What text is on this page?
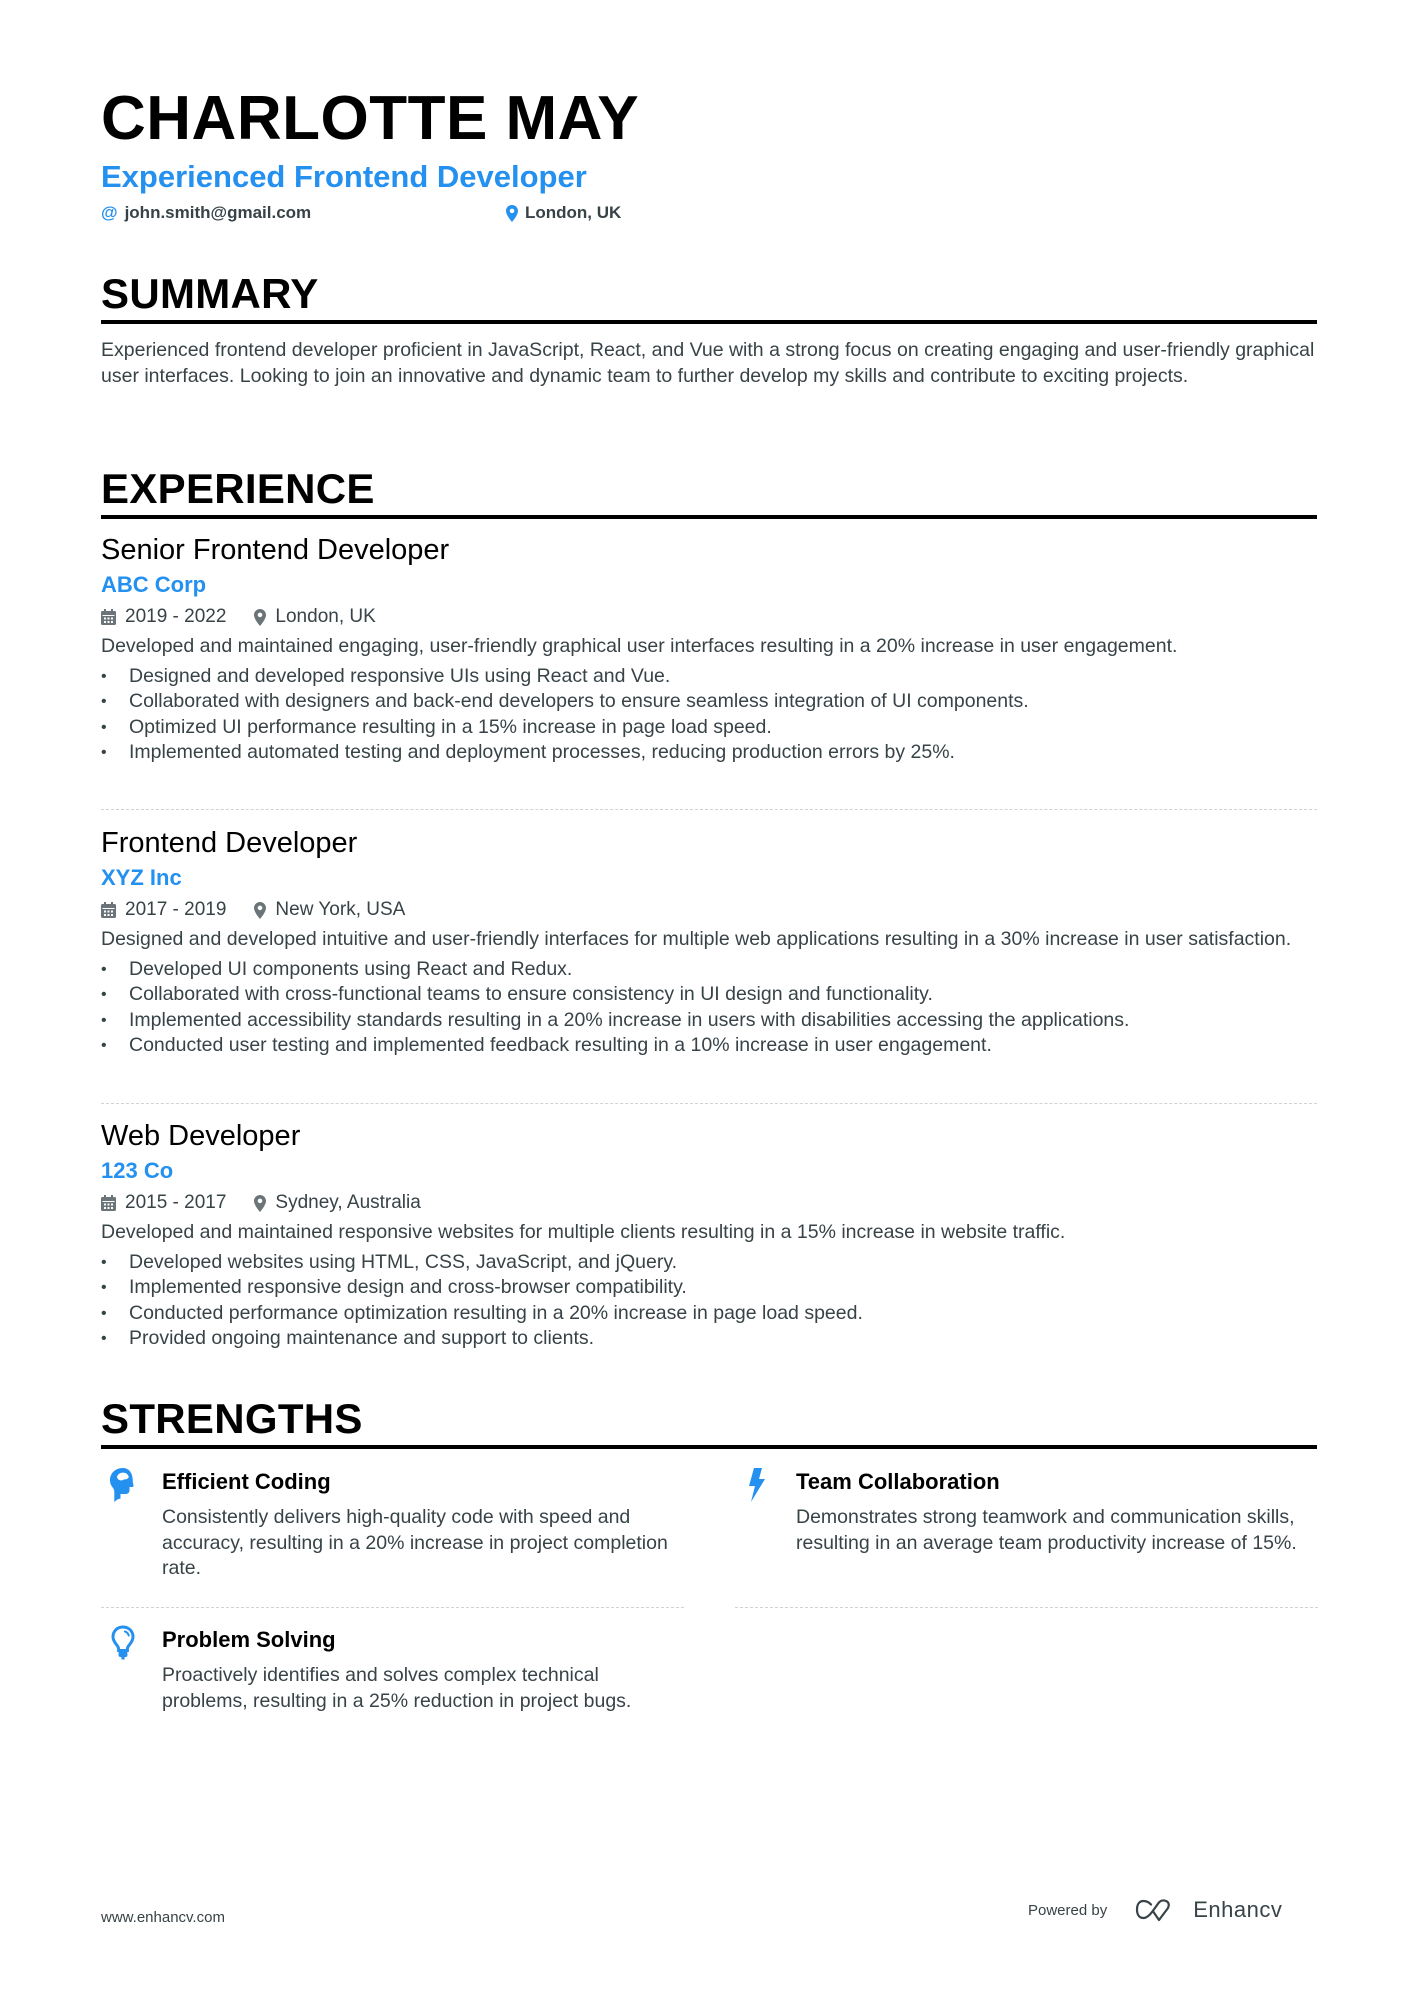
CHARLOTTE MAY
Experienced Frontend Developer
@ john.smith@gmail.com	London, UK
SUMMARY
Experienced frontend developer proficient in JavaScript, React, and Vue with a strong focus on creating engaging and user-friendly graphical user interfaces. Looking to join an innovative and dynamic team to further develop my skills and contribute to exciting projects.
EXPERIENCE
Senior Frontend Developer
ABC Corp
2019 - 2022	London, UK
Developed and maintained engaging, user-friendly graphical user interfaces resulting in a 20% increase in user engagement.
• Designed and developed responsive UIs using React and Vue.
• Collaborated with designers and back-end developers to ensure seamless integration of UI components.
• Optimized UI performance resulting in a 15% increase in page load speed.
• Implemented automated testing and deployment processes, reducing production errors by 25%.
Frontend Developer
XYZ Inc
2017 - 2019	New York, USA
Designed and developed intuitive and user-friendly interfaces for multiple web applications resulting in a 30% increase in user satisfaction.
• Developed UI components using React and Redux.
• Collaborated with cross-functional teams to ensure consistency in UI design and functionality.
• Implemented accessibility standards resulting in a 20% increase in users with disabilities accessing the applications.
• Conducted user testing and implemented feedback resulting in a 10% increase in user engagement.
Web Developer
123 Co
2015 - 2017	Sydney, Australia
Developed and maintained responsive websites for multiple clients resulting in a 15% increase in website traffic.
• Developed websites using HTML, CSS, JavaScript, and jQuery.
• Implemented responsive design and cross-browser compatibility.
• Conducted performance optimization resulting in a 20% increase in page load speed.
• Provided ongoing maintenance and support to clients.
STRENGTHS
Efficient Coding
Consistently delivers high-quality code with speed and accuracy, resulting in a 20% increase in project completion rate.
Team Collaboration
Demonstrates strong teamwork and communication skills, resulting in an average team productivity increase of 15%.
Problem Solving
Proactively identifies and solves complex technical problems, resulting in a 25% reduction in project bugs.
www.enhancv.com	Powered by	Enhancv
